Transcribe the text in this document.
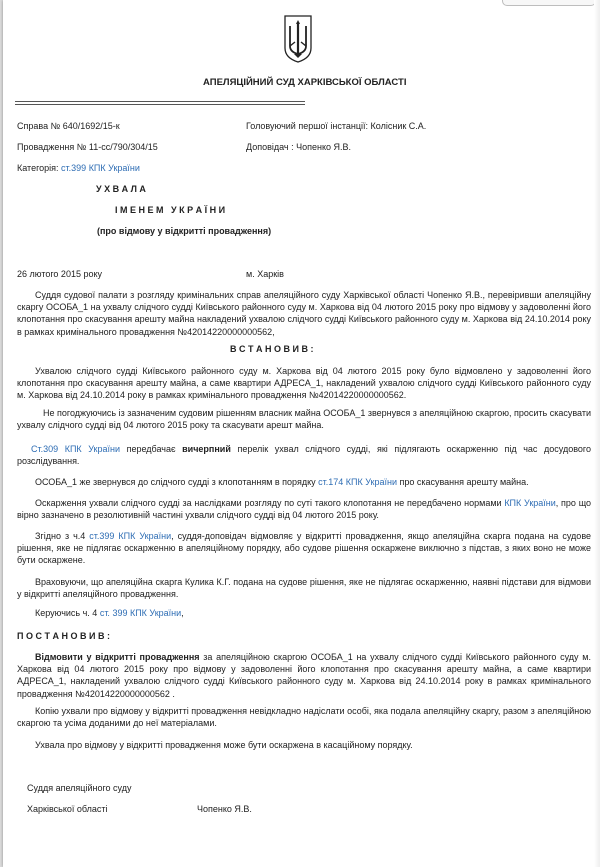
АПЕЛЯЦІЙНИЙ СУД ХАРКІВСЬКОЇ ОБЛАСТІ
Справа № 640/1692/15-к	Головуючий першої інстанції: Колісник С.А.
Провадження № 11-сс/790/304/15	Доповідач : Чопенко Я.В.
Категорія: ст.399 КПК України
У Х В А Л А
І М Е Н Е М   У К Р А Ї Н И
(про відмову у відкритті провадження)
26 лютого 2015 року	м. Харків
Суддя судової палати з розгляду кримінальних справ апеляційного суду Харківської області Чопенко Я.В., перевіривши апеляційну скаргу ОСОБА_1 на ухвалу слідчого судді Київського районного суду м. Харкова від 04 лютого 2015 року про відмову у задоволенні його клопотання про скасування арешту майна накладений ухвалою слідчого судді Київського районного суду м. Харкова від 24.10.2014 року в рамках кримінального провадження №42014220000000562,
В С Т А Н О В И В :
Ухвалою слідчого судді Київського районного суду м. Харкова від 04 лютого 2015 року було відмовлено у задоволенні його клопотання про скасування арешту майна, а саме квартири АДРЕСА_1, накладений ухвалою слідчого судді Київського районного суду м. Харкова від 24.10.2014 року в рамках кримінального провадження №42014220000000562.
Не погоджуючись із зазначеним судовим рішенням власник майна ОСОБА_1 звернувся з апеляційною скаргою, просить скасувати ухвалу слідчого судді від 04 лютого 2015 року та скасувати арешт майна.
Ст.309 КПК України передбачає вичерпний перелік ухвал слідчого судді, які підлягають оскарженню під час досудового розслідування.
ОСОБА_1 же звернувся до слідчого судді з клопотанням в порядку ст.174 КПК України про скасування арешту майна.
Оскарження ухвали слідчого судді за наслідками розгляду по суті такого клопотання не передбачено нормами КПК України, про що вірно зазначено в резолютивній частині ухвали слідчого судді від 04 лютого 2015 року.
Згідно з ч.4 ст.399 КПК України, суддя-доповідач відмовляє у відкритті провадження, якщо апеляційна скарга подана на судове рішення, яке не підлягає оскарженню в апеляційному порядку, або судове рішення оскаржене виключно з підстав, з яких воно не може бути оскаржене.
Враховуючи, що апеляційна скарга Кулика К.Г. подана на судове рішення, яке не підлягає оскарженню, наявні підстави для відмови у відкритті апеляційного провадження.
Керуючись ч. 4 ст. 399 КПК України,
П О С Т А Н О В И В :
Відмовити у відкритті провадження за апеляційною скаргою ОСОБА_1 на ухвалу слідчого судді Київського районного суду м. Харкова від 04 лютого 2015 року про відмову у задоволенні його клопотання про скасування арешту майна, а саме квартири АДРЕСА_1, накладений ухвалою слідчого судді Київського районного суду м. Харкова від 24.10.2014 року в рамках кримінального провадження №42014220000000562 .
Копію ухвали про відмову у відкритті провадження невідкладно надіслати особі, яка подала апеляційну скаргу, разом з апеляційною скаргою та усіма доданими до неї матеріалами.
Ухвала про відмову у відкритті провадження може бути оскаржена в касаційному порядку.
Суддя апеляційного суду
Харківської області	Чопенко Я.В.
